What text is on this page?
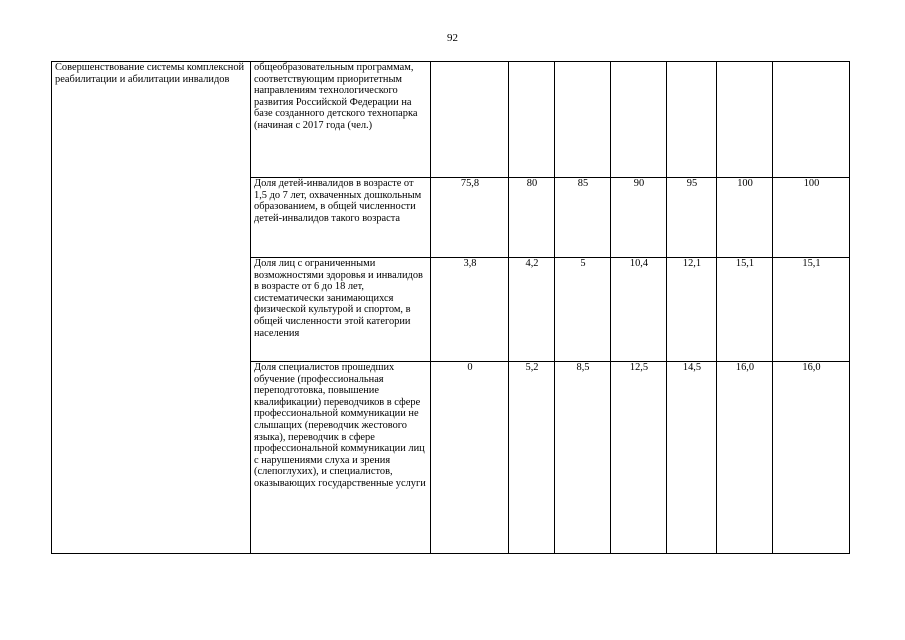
92
Совершенствование системы комплексной реабилитации и абилитации инвалидов	общеобразовательным программам, соответствующим приоритетным направлениям технологического развития Российской Федерации на базе созданного детского технопарка (начиная с 2017 года (чел.)							
	Доля детей-инвалидов в возрасте от 1,5 до 7 лет, охваченных дошкольным образованием, в общей численности детей-инвалидов такого возраста	75,8	80	85	90	95	100	100
	Доля лиц с ограниченными возможностями здоровья и инвалидов в возрасте от 6 до 18 лет, систематически занимающихся физической культурой и спортом, в общей численности этой категории населения	3,8	4,2	5	10,4	12,1	15,1	15,1
	Доля специалистов прошедших обучение (профессиональная переподготовка, повышение квалификации) переводчиков в сфере профессиональной коммуникации не слышащих (переводчик жестового языка), переводчик в сфере профессиональной коммуникации лиц с нарушениями слуха и зрения (слепоглухих), и специалистов, оказывающих государственные услуги	0	5,2	8,5	12,5	14,5	16,0	16,0
